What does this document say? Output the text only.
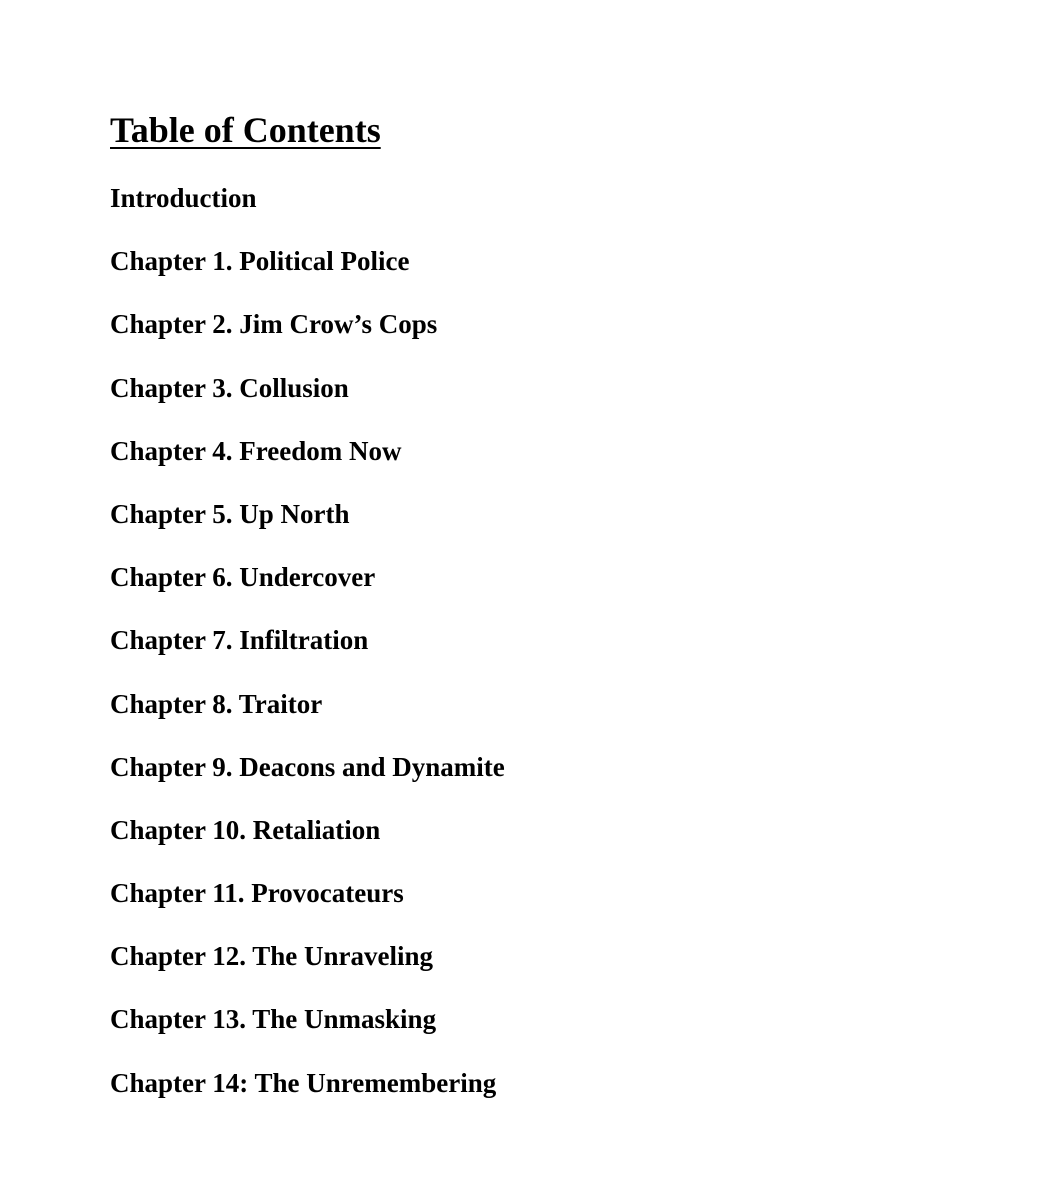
Table of Contents
Introduction
Chapter 1. Political Police
Chapter 2. Jim Crow’s Cops
Chapter 3. Collusion
Chapter 4. Freedom Now
Chapter 5. Up North
Chapter 6. Undercover
Chapter 7. Infiltration
Chapter 8. Traitor
Chapter 9. Deacons and Dynamite
Chapter 10. Retaliation
Chapter 11. Provocateurs
Chapter 12. The Unraveling
Chapter 13. The Unmasking
Chapter 14: The Unremembering
